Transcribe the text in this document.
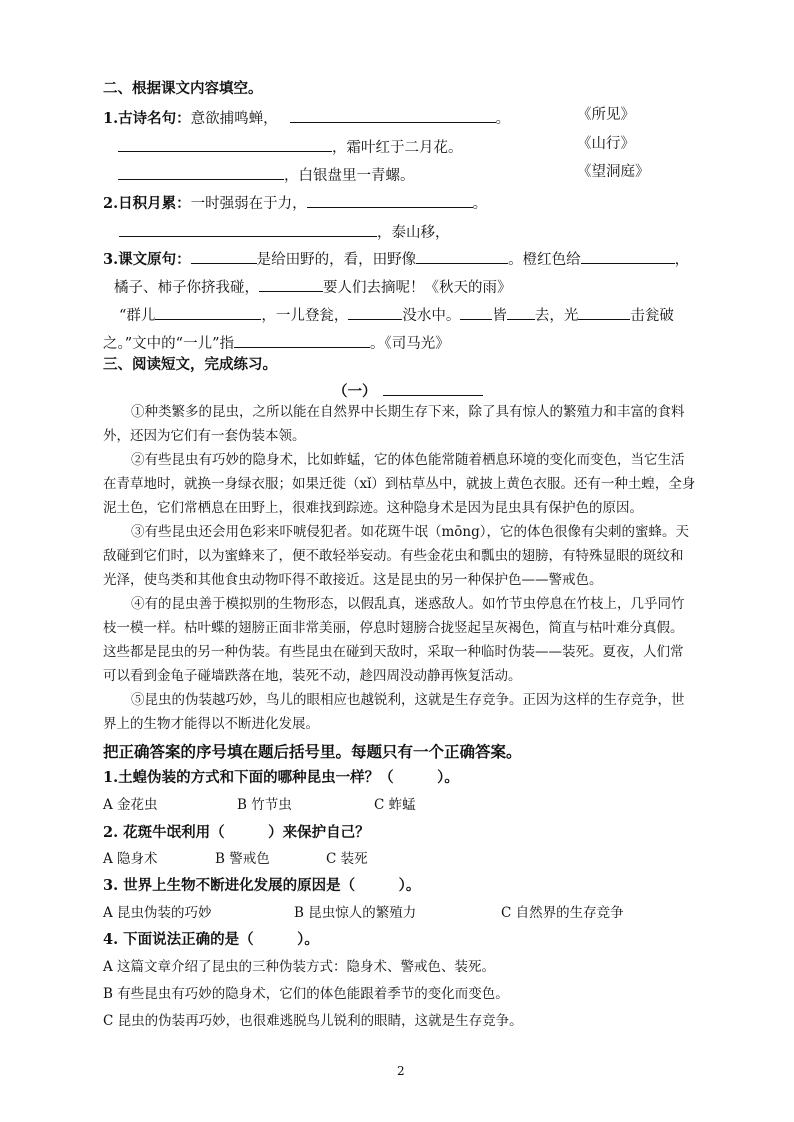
二、根据课文内容填空。
1.古诗名句：意欲捕鸣蝉，	。	《所见》
，霜叶红于二月花。	《山行》
，白银盘里一青螺。	《望洞庭》
2.日积月累：一时强弱在于力，	。
，泰山移，
3.课文原句：	是给田野的，看，田野像	。橙红色给	，
橘子、柿子你挤我碰，	要人们去摘呢！《秋天的雨》
“群儿	，一儿登瓮，	没水中。 皆 去，光	击瓮破
之。”文中的“一儿”指	。《司马光》
三、阅读短文，完成练习。
（一）
①种类繁多的昆虫，之所以能在自然界中长期生存下来，除了具有惊人的繁殖力和丰富的食料
外，还因为它们有一套伪装本领。
②有些昆虫有巧妙的隐身术，比如蚱蜢，它的体色能常随着栖息环境的变化而变色，当它生活
在青草地时，就换一身绿衣服；如果迁徙（xǐ）到枯草丛中，就披上黄色衣服。还有一种土蝗，全身
泥土色，它们常栖息在田野上，很难找到踪迹。这种隐身术是因为昆虫具有保护色的原因。
③有些昆虫还会用色彩来吓唬侵犯者。如花斑牛氓（mōng），它的体色很像有尖刺的蜜蜂。天
敌碰到它们时，以为蜜蜂来了，便不敢轻举妄动。有些金花虫和瓢虫的翅膀，有特殊显眼的斑纹和
光泽，使鸟类和其他食虫动物吓得不敢接近。这是昆虫的另一种保护色——警戒色。
④有的昆虫善于模拟别的生物形态，以假乱真，迷惑敌人。如竹节虫停息在竹枝上，几乎同竹
枝一模一样。枯叶蝶的翅膀正面非常美丽，停息时翅膀合拢竖起呈灰褐色，简直与枯叶难分真假。
这些都是昆虫的另一种伪装。有些昆虫在碰到天敌时，采取一种临时伪装——装死。夏夜，人们常
可以看到金龟子碰墙跌落在地，装死不动，趁四周没动静再恢复活动。
⑤昆虫的伪装越巧妙，鸟儿的眼相应也越锐利，这就是生存竞争。正因为这样的生存竞争，世
界上的生物才能得以不断进化发展。
把正确答案的序号填在题后括号里。每题只有一个正确答案。
1.土蝗伪装的方式和下面的哪种昆虫一样？（　　　）。
A 金花虫	B 竹节虫	C 蚱蜢
2. 花斑牛氓利用（　　　）来保护自己？
A 隐身术	B 警戒色	C 装死
3. 世界上生物不断进化发展的原因是（　　　）。
A 昆虫伪装的巧妙	B 昆虫惊人的繁殖力	C 自然界的生存竞争
4. 下面说法正确的是（　　　）。
A 这篇文章介绍了昆虫的三种伪装方式：隐身术、警戒色、装死。
B 有些昆虫有巧妙的隐身术，它们的体色能跟着季节的变化而变色。
C 昆虫的伪装再巧妙，也很难逃脱鸟儿锐利的眼睛，这就是生存竞争。
2
